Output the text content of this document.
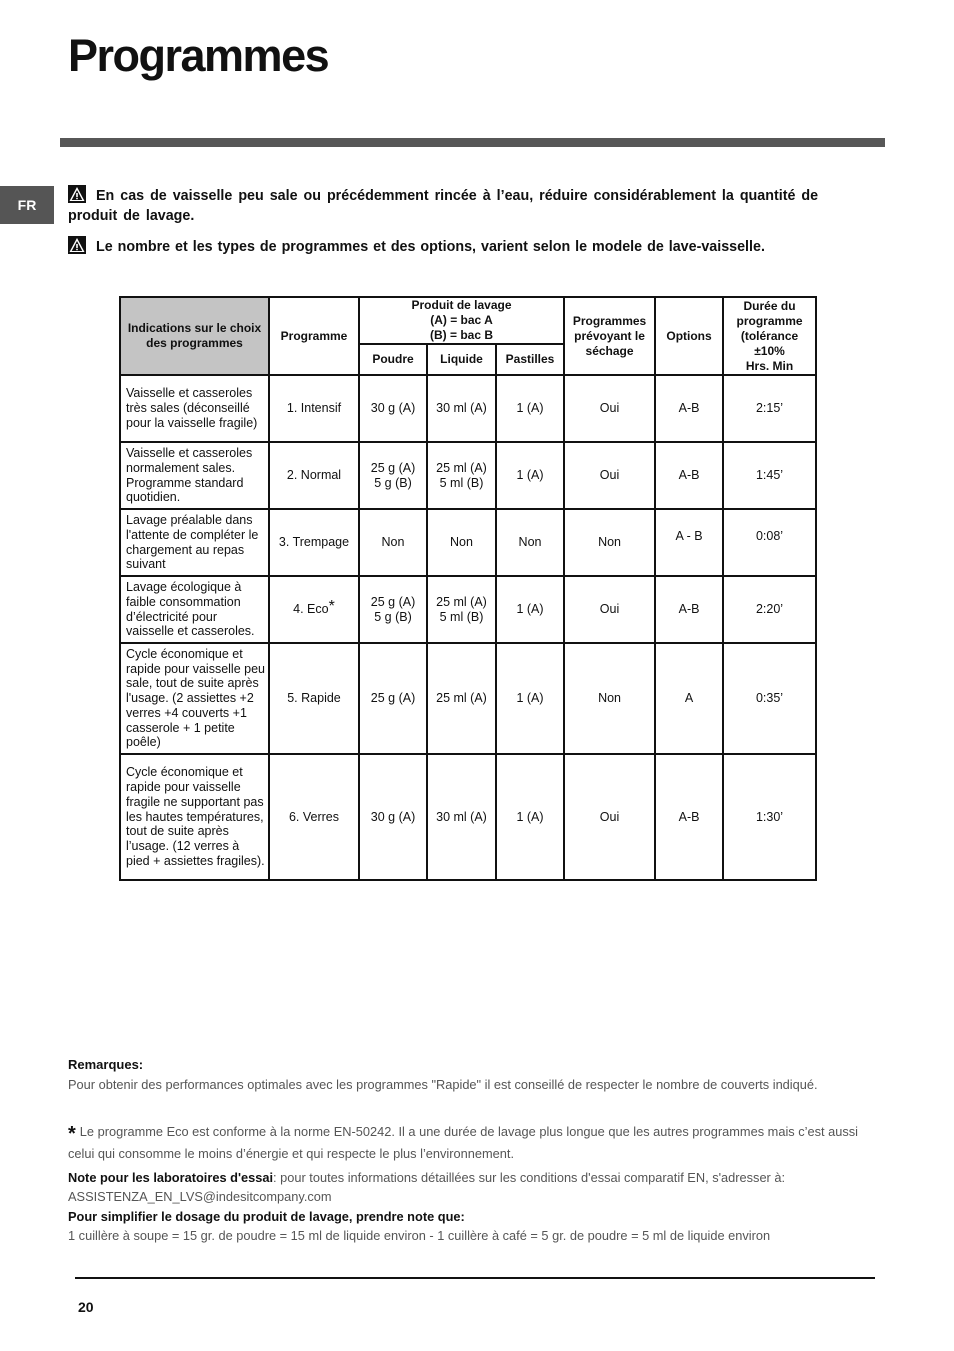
Programmes
FR
En cas de vaisselle peu sale ou précédemment rincée à l’eau, réduire considérablement la quantité de produit de lavage.
Le nombre et les types de programmes et des options, varient selon le modele de lave-vaisselle.
Indications sur le choix des programmes	Programme	Produit de lavage
(A) = bac A
(B) = bac B			Programmes prévoyant le séchage	Options	Durée du programme (tolérance ±10%
Hrs. Min
		Poudre	Liquide	Pastilles			
Vaisselle et casseroles très sales (déconseillé pour la vaisselle fragile)	1. Intensif	30 g (A)	30 ml (A)	1 (A)	Oui	A-B	2:15’
Vaisselle et casseroles normalement sales. Programme standard quotidien.	2. Normal	25 g (A)
5 g (B)	25 ml (A)
5 ml (B)	1 (A)	Oui	A-B	1:45’
Lavage préalable dans l'attente de compléter le chargement au repas suivant	3. Trempage	Non	Non	Non	Non	A - B	0:08’
Lavage écologique à faible consommation d’électricité pour vaisselle et casseroles.	4. Eco*	25 g (A)
5 g (B)	25 ml (A)
5 ml (B)	1 (A)	Oui	A-B	2:20’
Cycle économique et rapide pour vaisselle peu sale, tout de suite après l'usage. (2 assiettes +2 verres +4 couverts +1 casserole + 1 petite poêle)	5. Rapide	25 g (A)	25 ml (A)	1 (A)	Non	A	0:35’
Cycle économique et rapide pour vaisselle fragile ne supportant pas les hautes températures, tout de suite après l’usage. (12 verres à pied + assiettes fragiles).	6. Verres	30 g (A)	30 ml (A)	1 (A)	Oui	A-B	1:30’
Remarques:
Pour obtenir des performances optimales avec les programmes "Rapide" il est conseillé de respecter le nombre de couverts indiqué.
* Le programme Eco est conforme à la norme EN-50242. Il a une durée de lavage plus longue que les autres programmes mais c’est aussi celui qui consomme le moins d’énergie et qui respecte le plus l’environnement.
Note pour les laboratoires d'essai: pour toutes informations détaillées sur les conditions d'essai comparatif EN, s'adresser à: ASSISTENZA_EN_LVS@indesitcompany.com
Pour simplifier le dosage du produit de lavage, prendre note que:
1 cuillère à soupe = 15 gr. de poudre = 15 ml de liquide environ - 1 cuillère à café = 5 gr. de poudre = 5 ml de liquide environ
20
